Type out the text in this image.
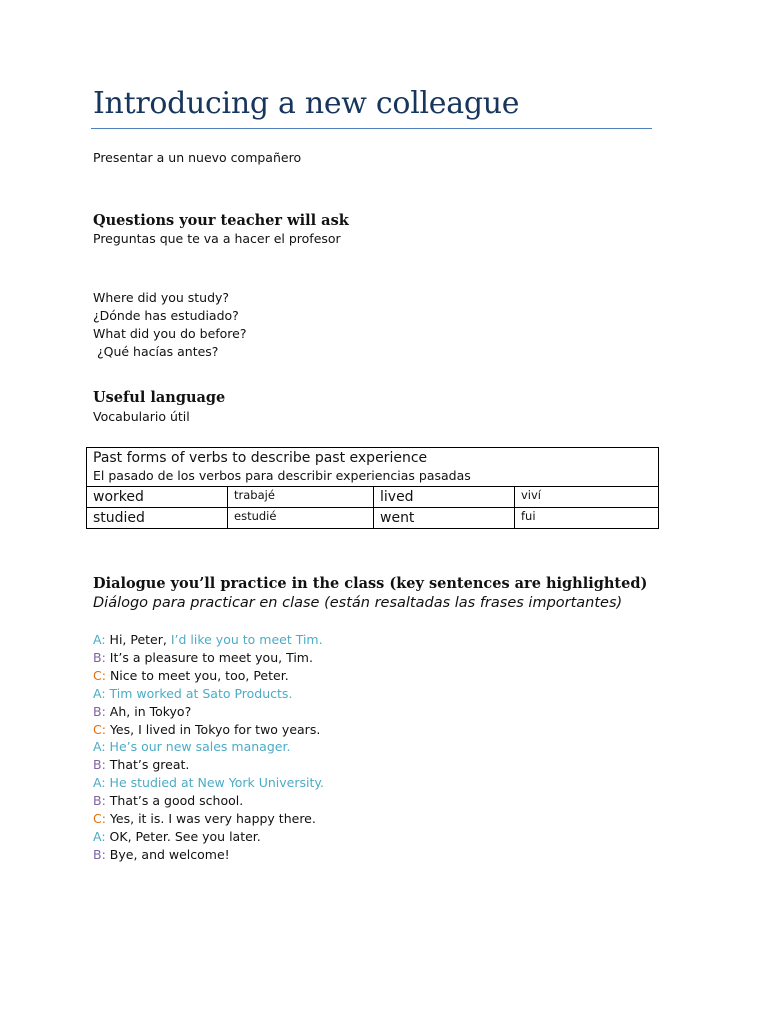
Introducing a new colleague
Presentar a un nuevo compañero
Questions your teacher will ask
Preguntas que te va a hacer el profesor
Where did you study?
¿Dónde has estudiado?
What did you do before?
¿Qué hacías antes?
Useful language
Vocabulario útil
Past forms of verbs to describe past experience
El pasado de los verbos para describir experiencias pasadas			

worked	trabajé	lived	viví
studied	estudié	went	fui
Dialogue you’ll practice in the class (key sentences are highlighted)
Diálogo para practicar en clase (están resaltadas las frases importantes)
A: Hi, Peter, I’d like you to meet Tim.
B: It’s a pleasure to meet you, Tim.
C: Nice to meet you, too, Peter.
A: Tim worked at Sato Products.
B: Ah, in Tokyo?
C: Yes, I lived in Tokyo for two years.
A: He’s our new sales manager.
B: That’s great.
A: He studied at New York University.
B: That’s a good school.
C: Yes, it is. I was very happy there.
A: OK, Peter. See you later.
B: Bye, and welcome!
